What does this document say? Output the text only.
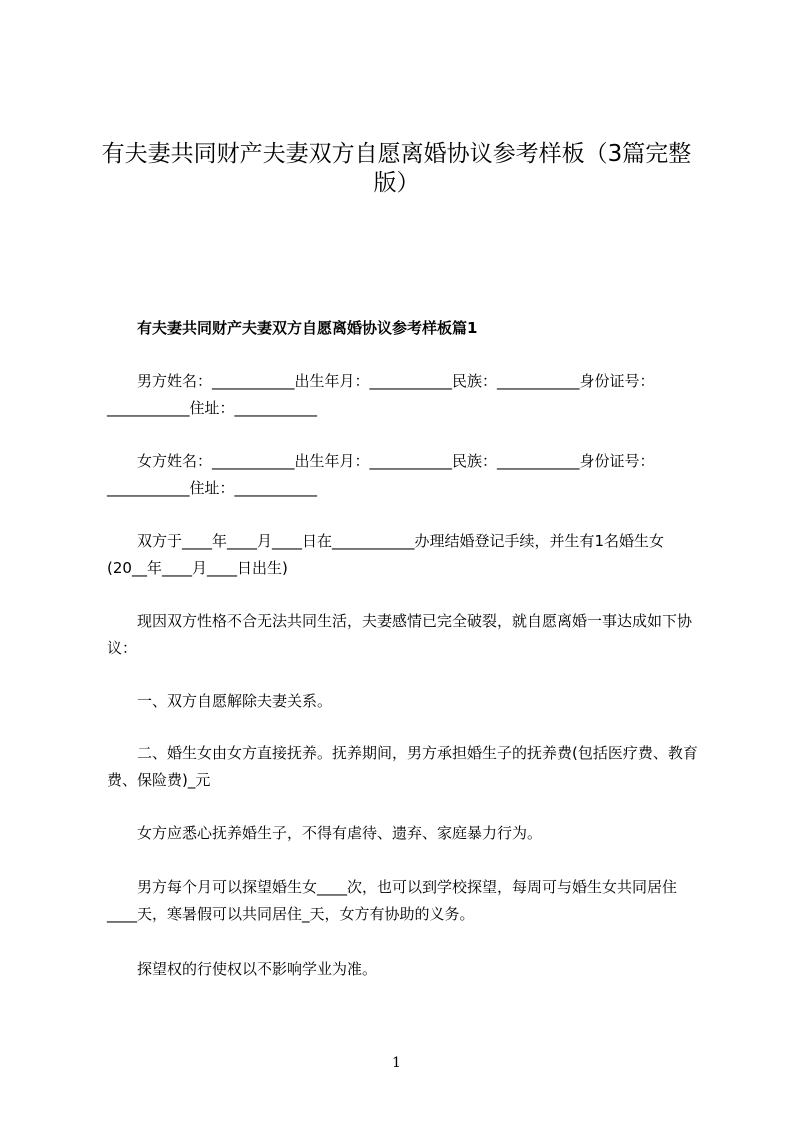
有夫妻共同财产夫妻双方自愿离婚协议参考样板（3篇完整版）
有夫妻共同财产夫妻双方自愿离婚协议参考样板篇1
男方姓名：___________出生年月：___________民族：___________身份证号：___________住址：___________
女方姓名：___________出生年月：___________民族：___________身份证号：___________住址：___________
双方于____年____月____日在___________办理结婚登记手续，并生有1名婚生女(20__年____月____日出生)
现因双方性格不合无法共同生活，夫妻感情已完全破裂，就自愿离婚一事达成如下协议：
一、双方自愿解除夫妻关系。
二、婚生女由女方直接抚养。抚养期间，男方承担婚生子的抚养费(包括医疗费、教育费、保险费)_元
女方应悉心抚养婚生子，不得有虐待、遗弃、家庭暴力行为。
男方每个月可以探望婚生女____次，也可以到学校探望，每周可与婚生女共同居住____天，寒暑假可以共同居住_天，女方有协助的义务。
探望权的行使权以不影响学业为准。
1
